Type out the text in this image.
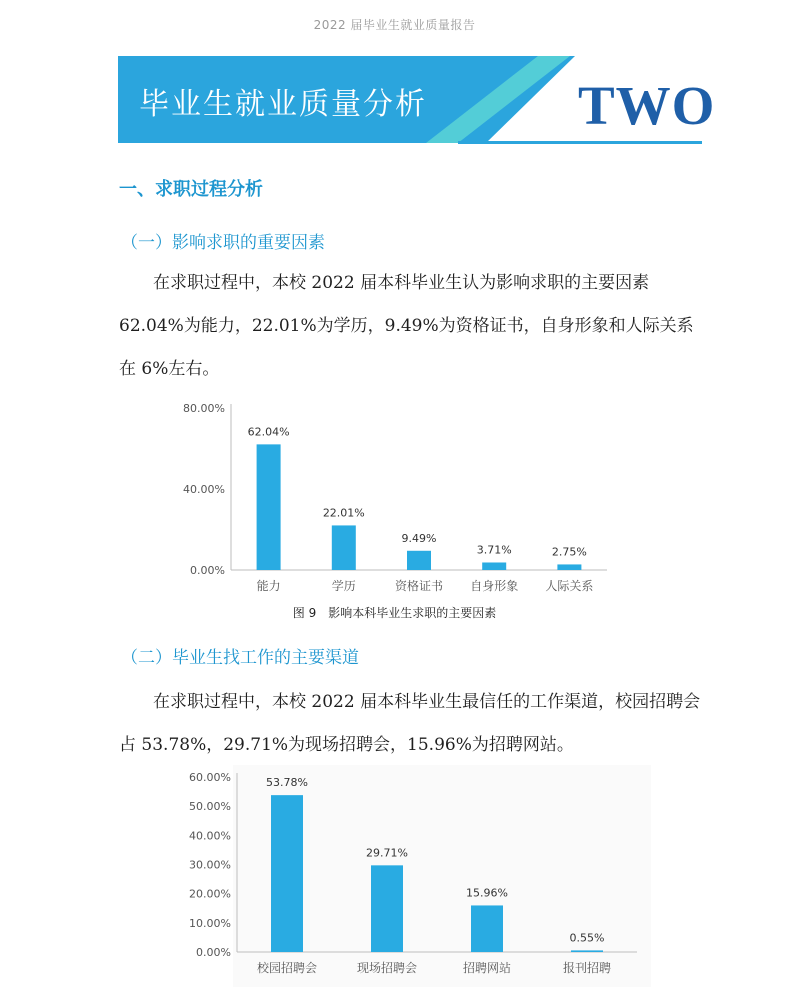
2022 届毕业生就业质量报告
毕业生就业质量分析	TWO
一、求职过程分析
（一）影响求职的重要因素
在求职过程中，本校 2022 届本科毕业生认为影响求职的主要因素 62.04%为能力，22.01%为学历，9.49%为资格证书，自身形象和人际关系在 6%左右。
0.00%
40.00%
80.00%
62.04%
能力
22.01%
学历
9.49%
资格证书
3.71%
自身形象
2.75%
人际关系
图 9　影响本科毕业生求职的主要因素
（二）毕业生找工作的主要渠道
在求职过程中，本校 2022 届本科毕业生最信任的工作渠道，校园招聘会占 53.78%，29.71%为现场招聘会，15.96%为招聘网站。
0.00%
10.00%
20.00%
30.00%
40.00%
50.00%
60.00%	53.78%
校园招聘会
29.71%
现场招聘会
15.96%
招聘网站
0.55%
报刊招聘
